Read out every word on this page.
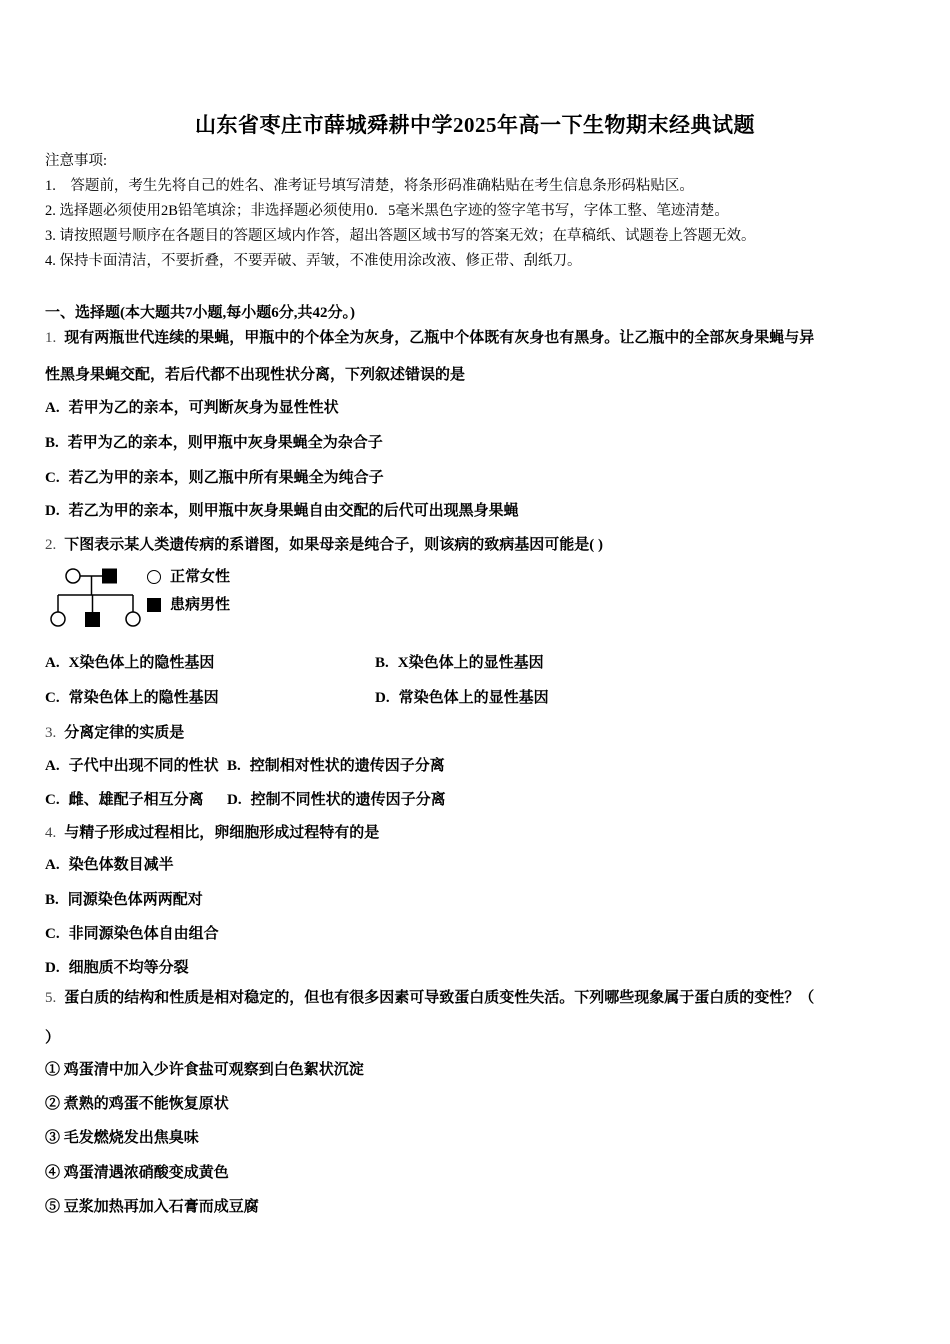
山东省枣庄市薛城舜耕中学2025年高一下生物期末经典试题
注意事项:
1.　答题前，考生先将自己的姓名、准考证号填写清楚，将条形码准确粘贴在考生信息条形码粘贴区。
2. 选择题必须使用2B铅笔填涂；非选择题必须使用0．5毫米黑色字迹的签字笔书写，字体工整、笔迹清楚。
3. 请按照题号顺序在各题目的答题区域内作答，超出答题区域书写的答案无效；在草稿纸、试题卷上答题无效。
4. 保持卡面清洁，不要折叠，不要弄破、弄皱，不准使用涂改液、修正带、刮纸刀。
一、选择题(本大题共7小题,每小题6分,共42分。)
1. 现有两瓶世代连续的果蝇，甲瓶中的个体全为灰身，乙瓶中个体既有灰身也有黑身。让乙瓶中的全部灰身果蝇与异
性黑身果蝇交配，若后代都不出现性状分离，下列叙述错误的是
A. 若甲为乙的亲本，可判断灰身为显性性状
B. 若甲为乙的亲本，则甲瓶中灰身果蝇全为杂合子
C. 若乙为甲的亲本，则乙瓶中所有果蝇全为纯合子
D. 若乙为甲的亲本，则甲瓶中灰身果蝇自由交配的后代可出现黑身果蝇
2. 下图表示某人类遗传病的系谱图，如果母亲是纯合子，则该病的致病基因可能是( )
正常女性
患病男性
A. X染色体上的隐性基因	B. X染色体上的显性基因
C. 常染色体上的隐性基因	D. 常染色体上的显性基因
3. 分离定律的实质是
A. 子代中出现不同的性状 B. 控制相对性状的遗传因子分离
C. 雌、雄配子相互分离	D. 控制不同性状的遗传因子分离
4. 与精子形成过程相比，卵细胞形成过程特有的是
A. 染色体数目减半
B. 同源染色体两两配对
C. 非同源染色体自由组合
D. 细胞质不均等分裂
5. 蛋白质的结构和性质是相对稳定的，但也有很多因素可导致蛋白质变性失活。下列哪些现象属于蛋白质的变性？（
）
① 鸡蛋清中加入少许食盐可观察到白色絮状沉淀
② 煮熟的鸡蛋不能恢复原状
③ 毛发燃烧发出焦臭味
④ 鸡蛋清遇浓硝酸变成黄色
⑤ 豆浆加热再加入石膏而成豆腐
